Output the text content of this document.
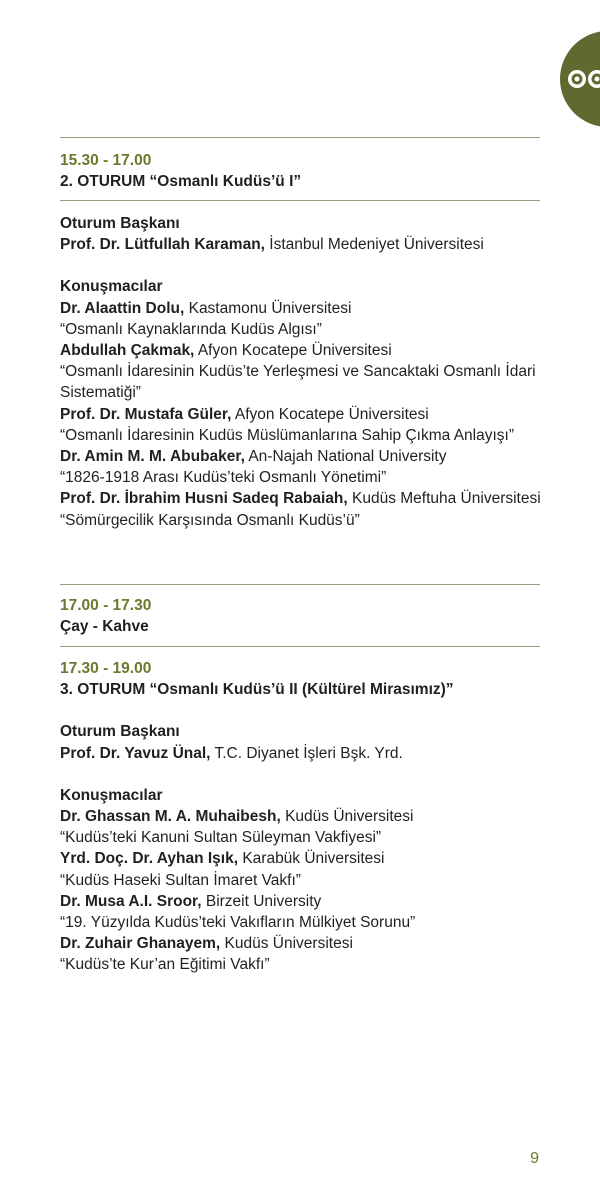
15.30 - 17.00
2. OTURUM “Osmanlı Kudüs’ü I”
Oturum Başkanı
Prof. Dr. Lütfullah Karaman, İstanbul Medeniyet Üniversitesi
Konuşmacılar
Dr. Alaattin Dolu, Kastamonu Üniversitesi
“Osmanlı Kaynaklarında Kudüs Algısı”
Abdullah Çakmak, Afyon Kocatepe Üniversitesi
“Osmanlı İdaresinin Kudüs’te Yerleşmesi ve Sancaktaki Osmanlı İdari Sistematiği”
Prof. Dr. Mustafa Güler, Afyon Kocatepe Üniversitesi
“Osmanlı İdaresinin Kudüs Müslümanlarına Sahip Çıkma Anlayışı”
Dr. Amin M. M. Abubaker, An-Najah National University
“1826-1918 Arası Kudüs’teki Osmanlı Yönetimi”
Prof. Dr. İbrahim Husni Sadeq Rabaiah, Kudüs Meftuha Üniversitesi
“Sömürgecilik Karşısında Osmanlı Kudüs’ü”
17.00 - 17.30
Çay - Kahve
17.30 - 19.00
3. OTURUM “Osmanlı Kudüs’ü II (Kültürel Mirasımız)”
Oturum Başkanı
Prof. Dr. Yavuz Ünal, T.C. Diyanet İşleri Bşk. Yrd.
Konuşmacılar
Dr. Ghassan M. A. Muhaibesh, Kudüs Üniversitesi
“Kudüs’teki Kanuni Sultan Süleyman Vakfiyesi”
Yrd. Doç. Dr. Ayhan Işık, Karabük Üniversitesi
“Kudüs Haseki Sultan İmaret Vakfı”
Dr. Musa A.I. Sroor, Birzeit University
“19. Yüzyılda Kudüs’teki Vakıfların Mülkiyet Sorunu”
Dr. Zuhair Ghanayem, Kudüs Üniversitesi
“Kudüs’te Kur’an Eğitimi Vakfı”
9
